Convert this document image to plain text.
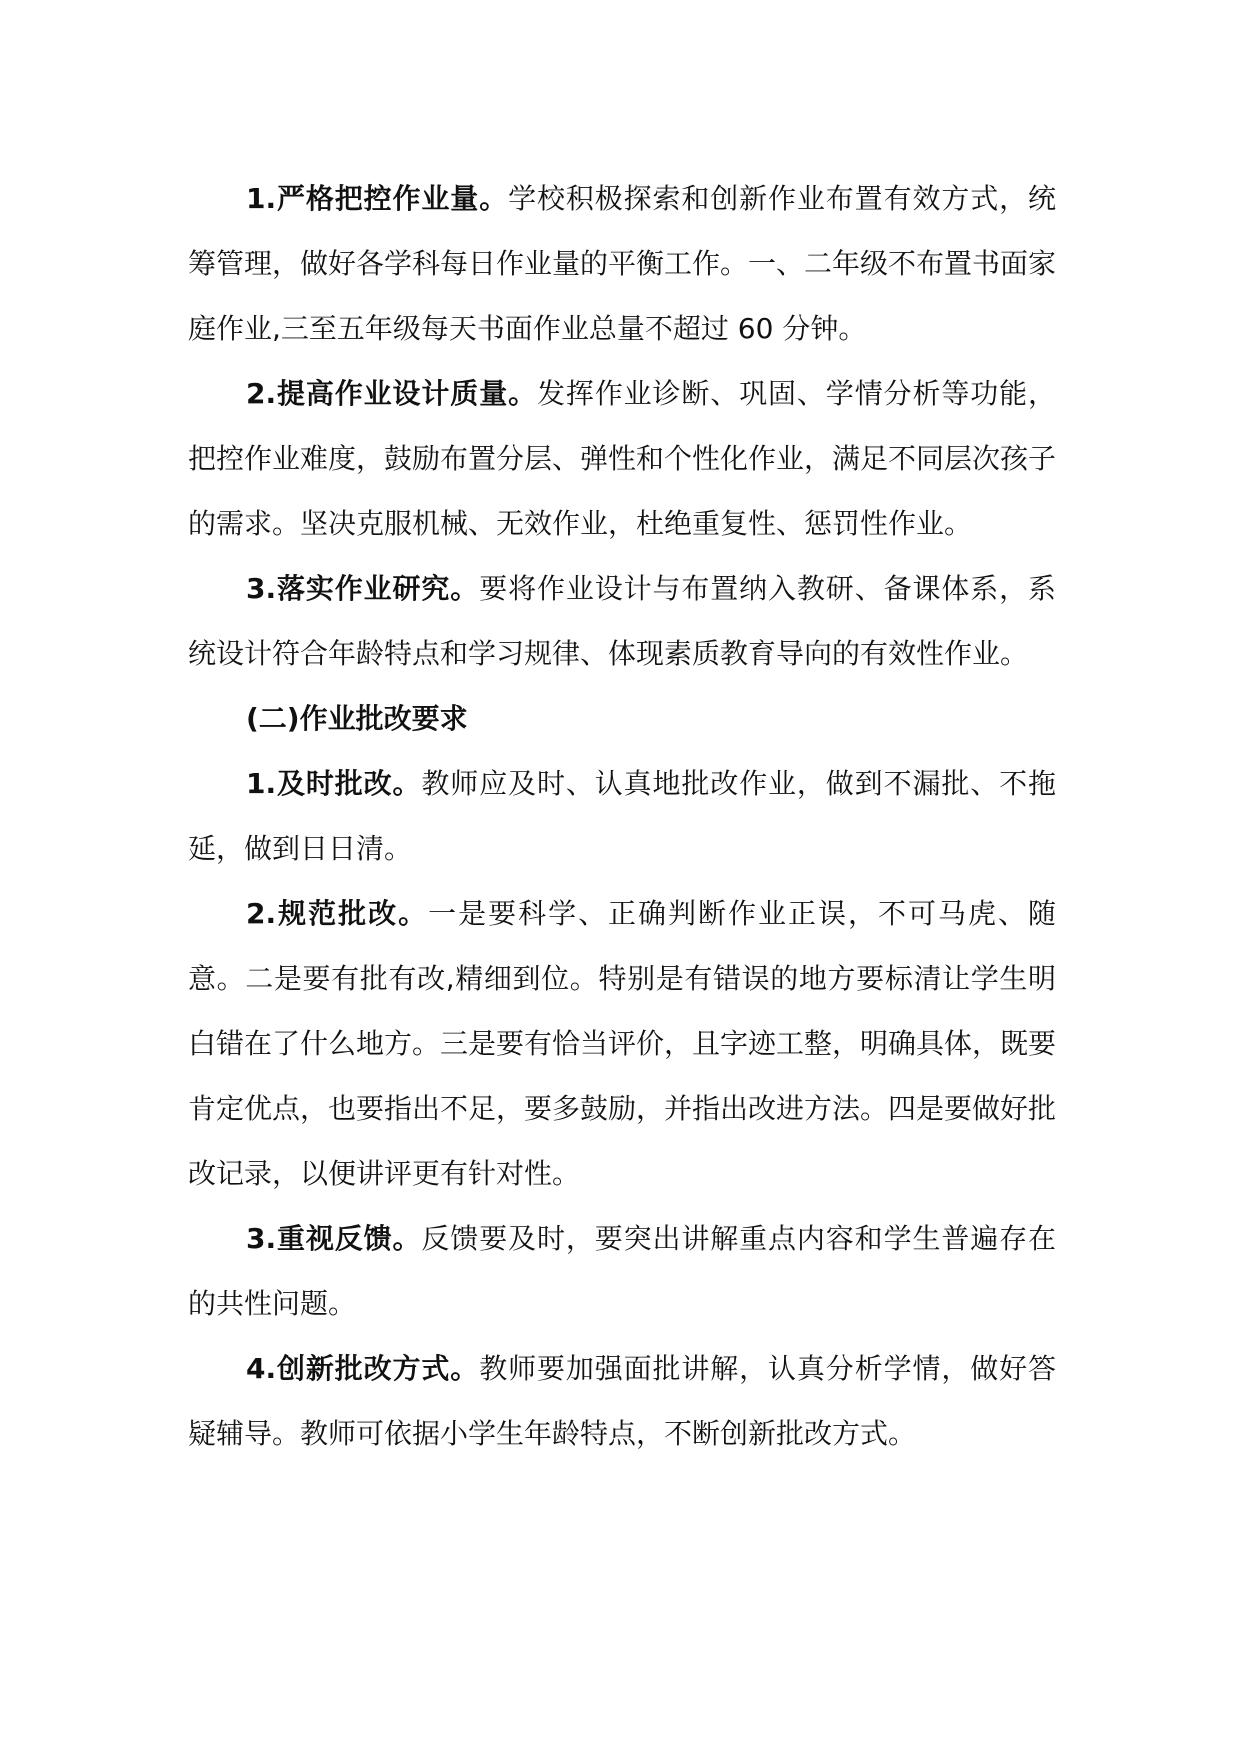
1.严格把控作业量。学校积极探索和创新作业布置有效方式，统筹管理，做好各学科每日作业量的平衡工作。一、二年级不布置书面家庭作业,三至五年级每天书面作业总量不超过 60 分钟。

2.提高作业设计质量。发挥作业诊断、巩固、学情分析等功能，把控作业难度，鼓励布置分层、弹性和个性化作业，满足不同层次孩子的需求。坚决克服机械、无效作业，杜绝重复性、惩罚性作业。

3.落实作业研究。要将作业设计与布置纳入教研、备课体系，系统设计符合年龄特点和学习规律、体现素质教育导向的有效性作业。

(二)作业批改要求

1.及时批改。教师应及时、认真地批改作业，做到不漏批、不拖延，做到日日清。

2.规范批改。一是要科学、正确判断作业正误，不可马虎、随意。二是要有批有改,精细到位。特别是有错误的地方要标清让学生明白错在了什么地方。三是要有恰当评价，且字迹工整，明确具体，既要肯定优点，也要指出不足，要多鼓励，并指出改进方法。四是要做好批改记录，以便讲评更有针对性。

3.重视反馈。反馈要及时，要突出讲解重点内容和学生普遍存在的共性问题。

4.创新批改方式。教师要加强面批讲解，认真分析学情，做好答疑辅导。教师可依据小学生年龄特点，不断创新批改方式。
